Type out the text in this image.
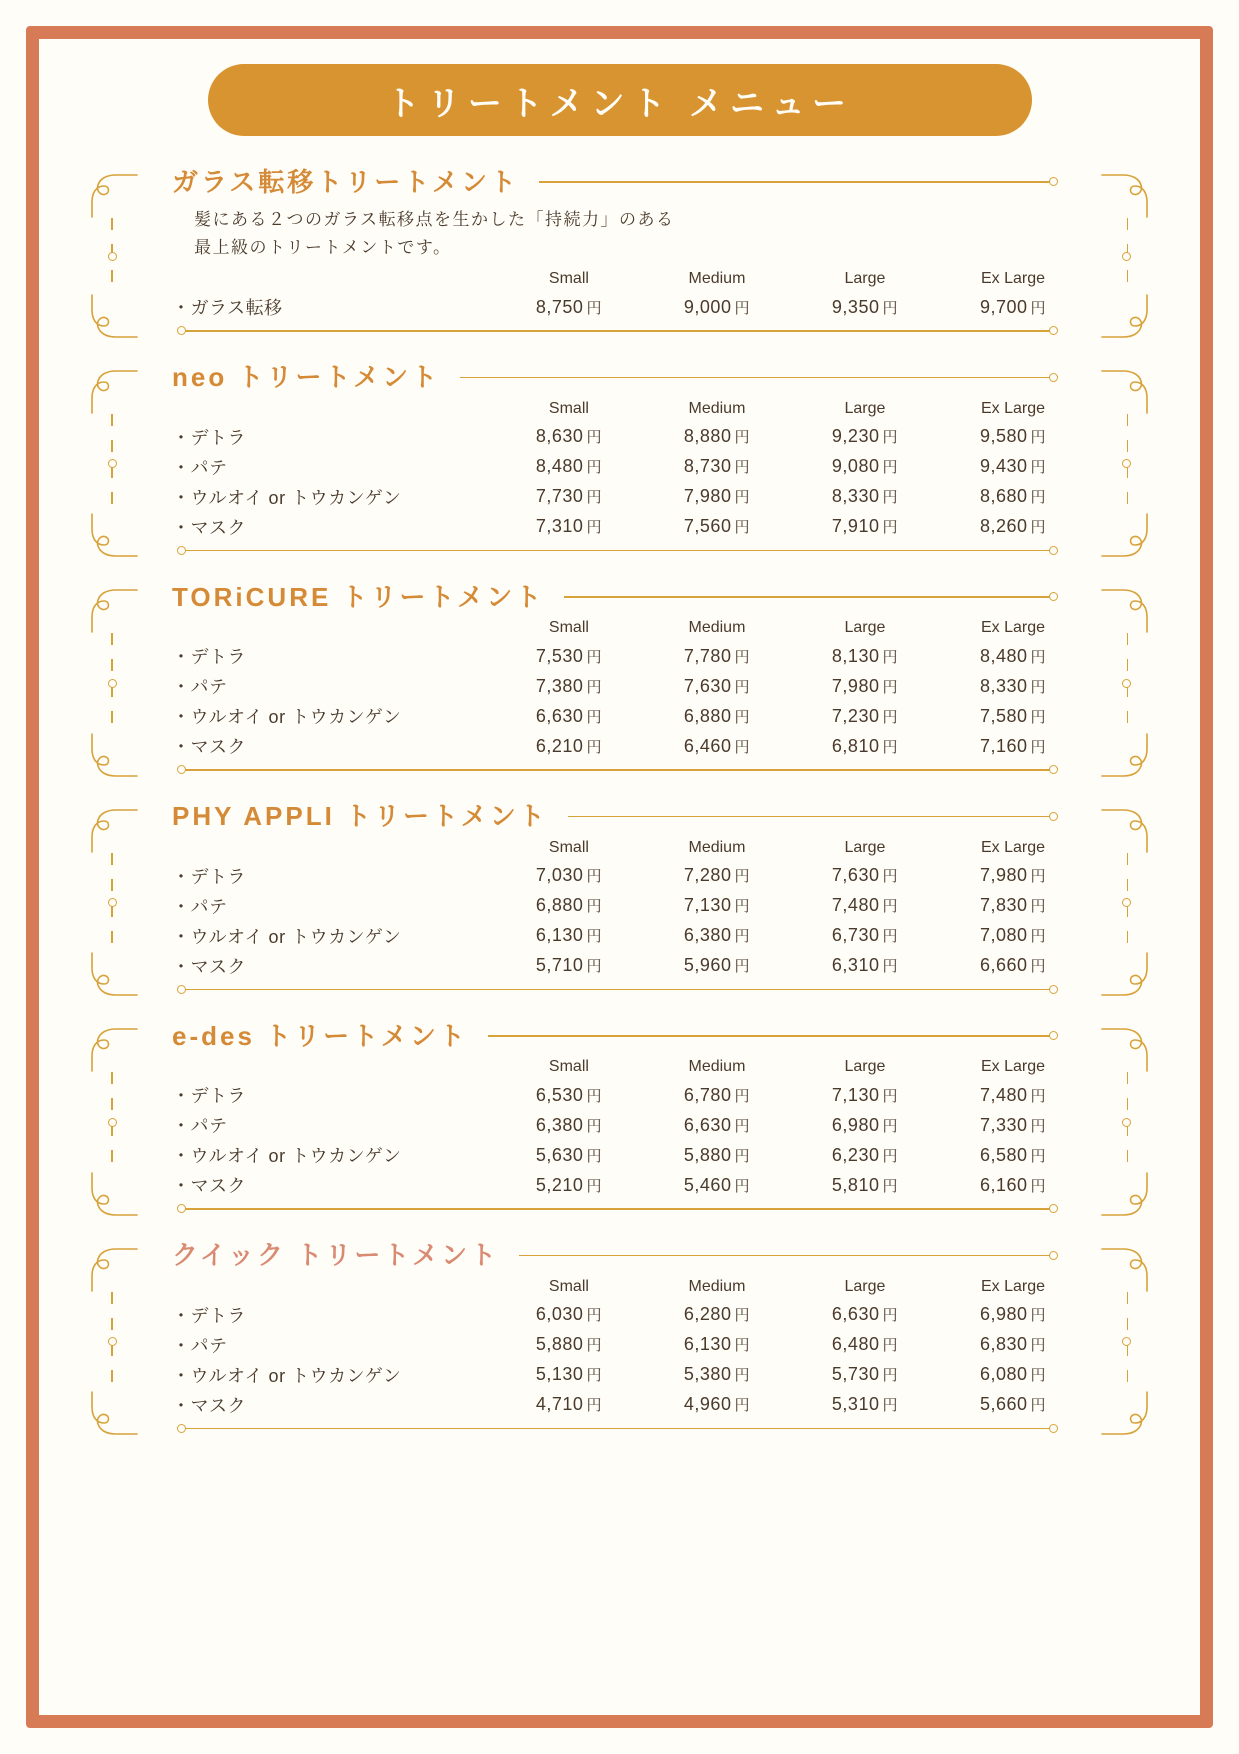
トリートメント メニュー
ガラス転移トリートメント
髪にある２つのガラス転移点を生かした「持続力」のある
最上級のトリートメントです。
	Small	Medium	Large	Ex Large
・ガラス転移	8,750 円	9,000 円	9,350 円	9,700 円
neo トリートメント
	Small	Medium	Large	Ex Large
・デトラ	8,630 円	8,880 円	9,230 円	9,580 円
・パテ	8,480 円	8,730 円	9,080 円	9,430 円
・ウルオイ or トウカンゲン	7,730 円	7,980 円	8,330 円	8,680 円
・マスク	7,310 円	7,560 円	7,910 円	8,260 円
TORiCURE トリートメント
	Small	Medium	Large	Ex Large
・デトラ	7,530 円	7,780 円	8,130 円	8,480 円
・パテ	7,380 円	7,630 円	7,980 円	8,330 円
・ウルオイ or トウカンゲン	6,630 円	6,880 円	7,230 円	7,580 円
・マスク	6,210 円	6,460 円	6,810 円	7,160 円
PHY APPLI トリートメント
	Small	Medium	Large	Ex Large
・デトラ	7,030 円	7,280 円	7,630 円	7,980 円
・パテ	6,880 円	7,130 円	7,480 円	7,830 円
・ウルオイ or トウカンゲン	6,130 円	6,380 円	6,730 円	7,080 円
・マスク	5,710 円	5,960 円	6,310 円	6,660 円
e-des トリートメント
	Small	Medium	Large	Ex Large
・デトラ	6,530 円	6,780 円	7,130 円	7,480 円
・パテ	6,380 円	6,630 円	6,980 円	7,330 円
・ウルオイ or トウカンゲン	5,630 円	5,880 円	6,230 円	6,580 円
・マスク	5,210 円	5,460 円	5,810 円	6,160 円
クイック トリートメント
	Small	Medium	Large	Ex Large
・デトラ	6,030 円	6,280 円	6,630 円	6,980 円
・パテ	5,880 円	6,130 円	6,480 円	6,830 円
・ウルオイ or トウカンゲン	5,130 円	5,380 円	5,730 円	6,080 円
・マスク	4,710 円	4,960 円	5,310 円	5,660 円
